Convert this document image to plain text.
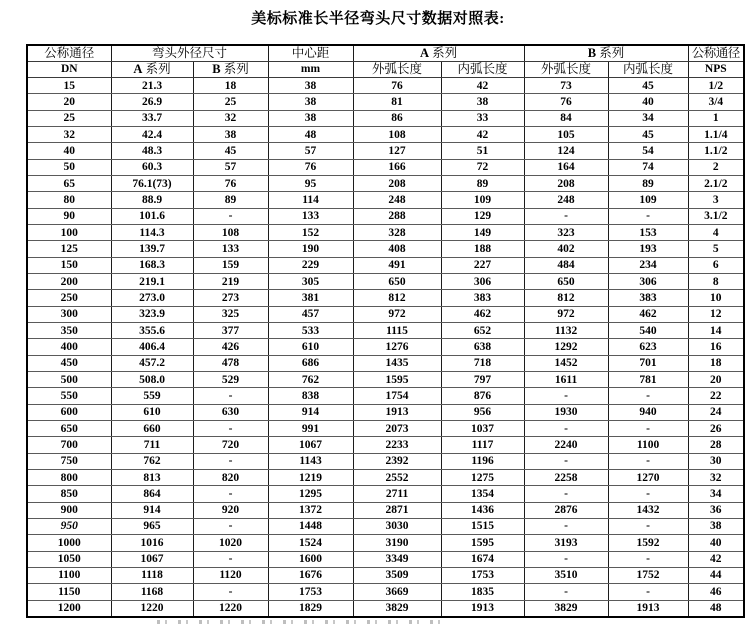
美标标准长半径弯头尺寸数据对照表:
公称通径	弯头外径尺寸		中心距	A 系列		B 系列		公称通径
DN	A 系列	B 系列	mm	外弧长度	内弧长度	外弧长度	内弧长度	NPS
15	21.3	18	38	76	42	73	45	1/2
20	26.9	25	38	81	38	76	40	3/4
25	33.7	32	38	86	33	84	34	1
32	42.4	38	48	108	42	105	45	1.1/4
40	48.3	45	57	127	51	124	54	1.1/2
50	60.3	57	76	166	72	164	74	2
65	76.1(73)	76	95	208	89	208	89	2.1/2
80	88.9	89	114	248	109	248	109	3
90	101.6	-	133	288	129	-	-	3.1/2
100	114.3	108	152	328	149	323	153	4
125	139.7	133	190	408	188	402	193	5
150	168.3	159	229	491	227	484	234	6
200	219.1	219	305	650	306	650	306	8
250	273.0	273	381	812	383	812	383	10
300	323.9	325	457	972	462	972	462	12
350	355.6	377	533	1115	652	1132	540	14
400	406.4	426	610	1276	638	1292	623	16
450	457.2	478	686	1435	718	1452	701	18
500	508.0	529	762	1595	797	1611	781	20
550	559	-	838	1754	876	-	-	22
600	610	630	914	1913	956	1930	940	24
650	660	-	991	2073	1037	-	-	26
700	711	720	1067	2233	1117	2240	1100	28
750	762	-	1143	2392	1196	-	-	30
800	813	820	1219	2552	1275	2258	1270	32
850	864	-	1295	2711	1354	-	-	34
900	914	920	1372	2871	1436	2876	1432	36
950	965	-	1448	3030	1515	-	-	38
1000	1016	1020	1524	3190	1595	3193	1592	40
1050	1067	-	1600	3349	1674	-	-	42
1100	1118	1120	1676	3509	1753	3510	1752	44
1150	1168	-	1753	3669	1835	-	-	46
1200	1220	1220	1829	3829	1913	3829	1913	48
